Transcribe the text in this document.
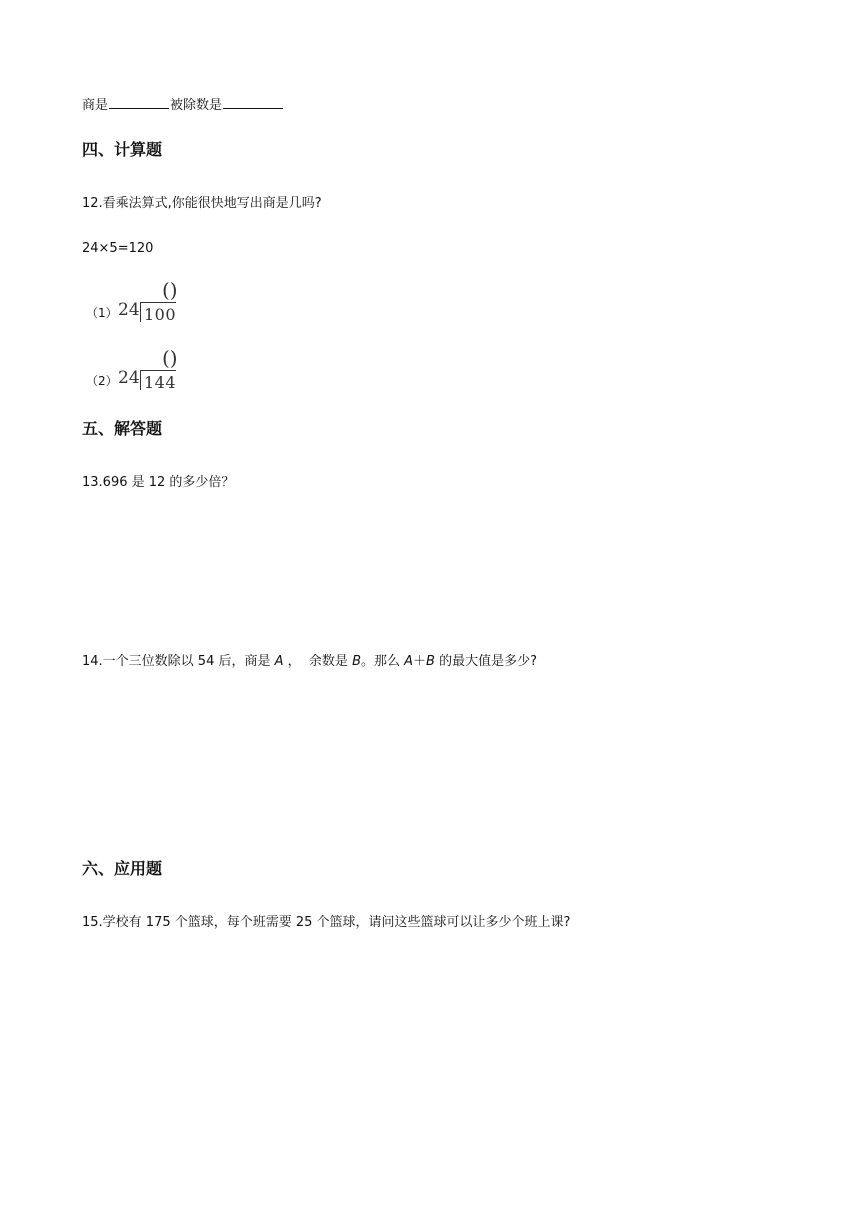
商是	被除数是
四、计算题
12.看乘法算式,你能很快地写出商是几吗?
24×5=120
（1） 24
()
100
（2） 24
()
144
五、解答题
13.696 是 12 的多少倍？
14.一个三位数除以 54 后，商是 A ，  余数是 B。那么 A＋B 的最大值是多少?
六、应用题
15.学校有 175 个篮球，每个班需要 25 个篮球，请问这些篮球可以让多少个班上课?
